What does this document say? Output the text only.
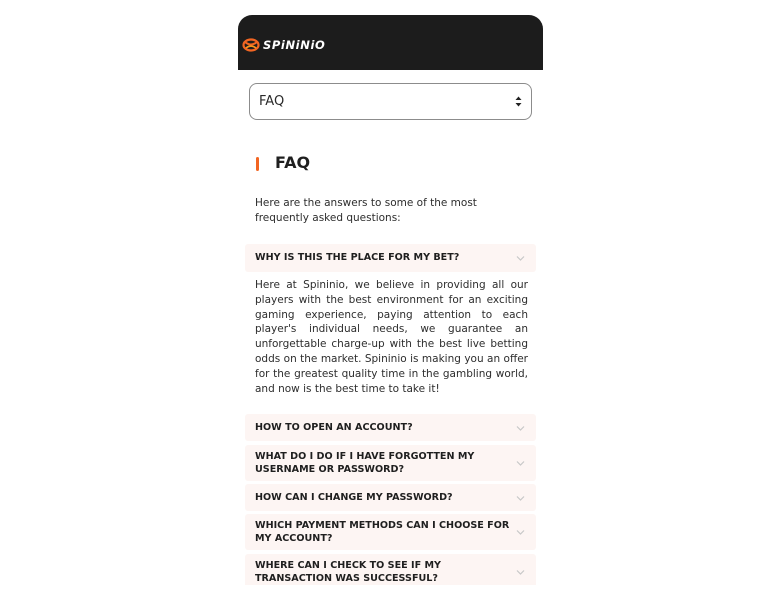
SPiNiNiO
FAQ
FAQ
Here are the answers to some of the most frequently asked questions:
WHY IS THIS THE PLACE FOR MY BET?
Here at Spininio, we believe in providing all our players with the best environment for an exciting gaming experience, paying attention to each player's individual needs, we guarantee an unforgettable charge-up with the best live betting odds on the market. Spininio is making you an offer for the greatest quality time in the gambling world, and now is the best time to take it!
HOW TO OPEN AN ACCOUNT?
WHAT DO I DO IF I HAVE FORGOTTEN MY USERNAME OR PASSWORD?
HOW CAN I CHANGE MY PASSWORD?
WHICH PAYMENT METHODS CAN I CHOOSE FOR MY ACCOUNT?
WHERE CAN I CHECK TO SEE IF MY TRANSACTION WAS SUCCESSFUL?
